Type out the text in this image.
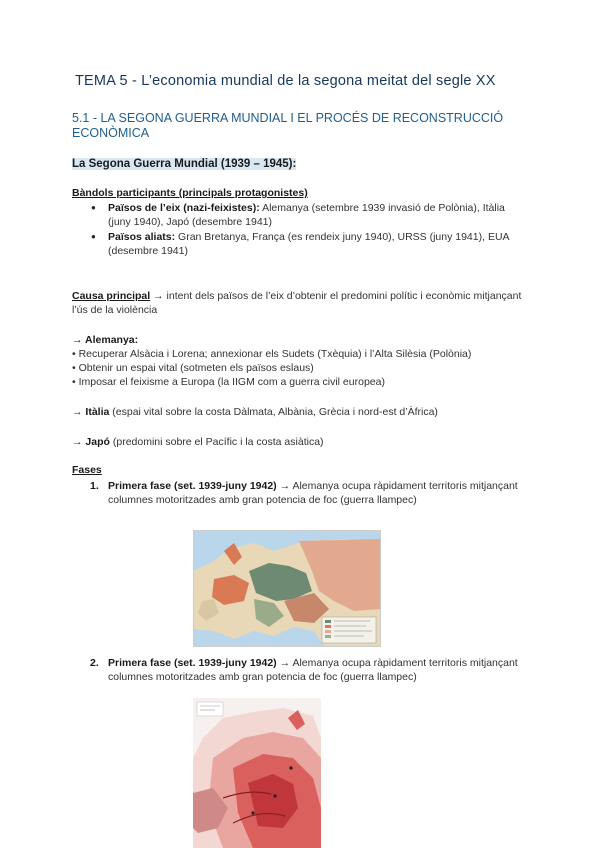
TEMA 5 - L’economia mundial de la segona meitat del segle XX
5.1 - LA SEGONA GUERRA MUNDIAL I EL PROCÉS DE RECONSTRUCCIÓ ECONÒMICA
La Segona Guerra Mundial (1939 – 1945):
Bàndols participants (principals protagonistes)
● Països de l’eix (nazi-feixistes): Alemanya (setembre 1939 invasió de Polònia), Itàlia (juny 1940), Japó (desembre 1941)
● Països aliats: Gran Bretanya, França (es rendeix juny 1940), URSS (juny 1941), EUA (desembre 1941)
Causa principal → intent dels països de l’eix d’obtenir el predomini polític i econòmic mitjançant l’ús de la violència
→ Alemanya:
• Recuperar Alsàcia i Lorena; annexionar els Sudets (Txèquia) i l’Alta Silèsia (Polònia)
• Obtenir un espai vital (sotmeten els països eslaus)
• Imposar el feixisme a Europa (la IIGM com a guerra civil europea)
→ Itàlia (espai vital sobre la costa Dàlmata, Albània, Grècia i nord-est d’Àfrica)
→ Japó (predomini sobre el Pacífic i la costa asiàtica)
Fases
1. Primera fase (set. 1939-juny 1942) → Alemanya ocupa ràpidament territoris mitjançant columnes motoritzades amb gran potencia de foc (guerra llampec)
2. Primera fase (set. 1939-juny 1942) → Alemanya ocupa ràpidament territoris mitjançant columnes motoritzades amb gran potencia de foc (guerra llampec)
